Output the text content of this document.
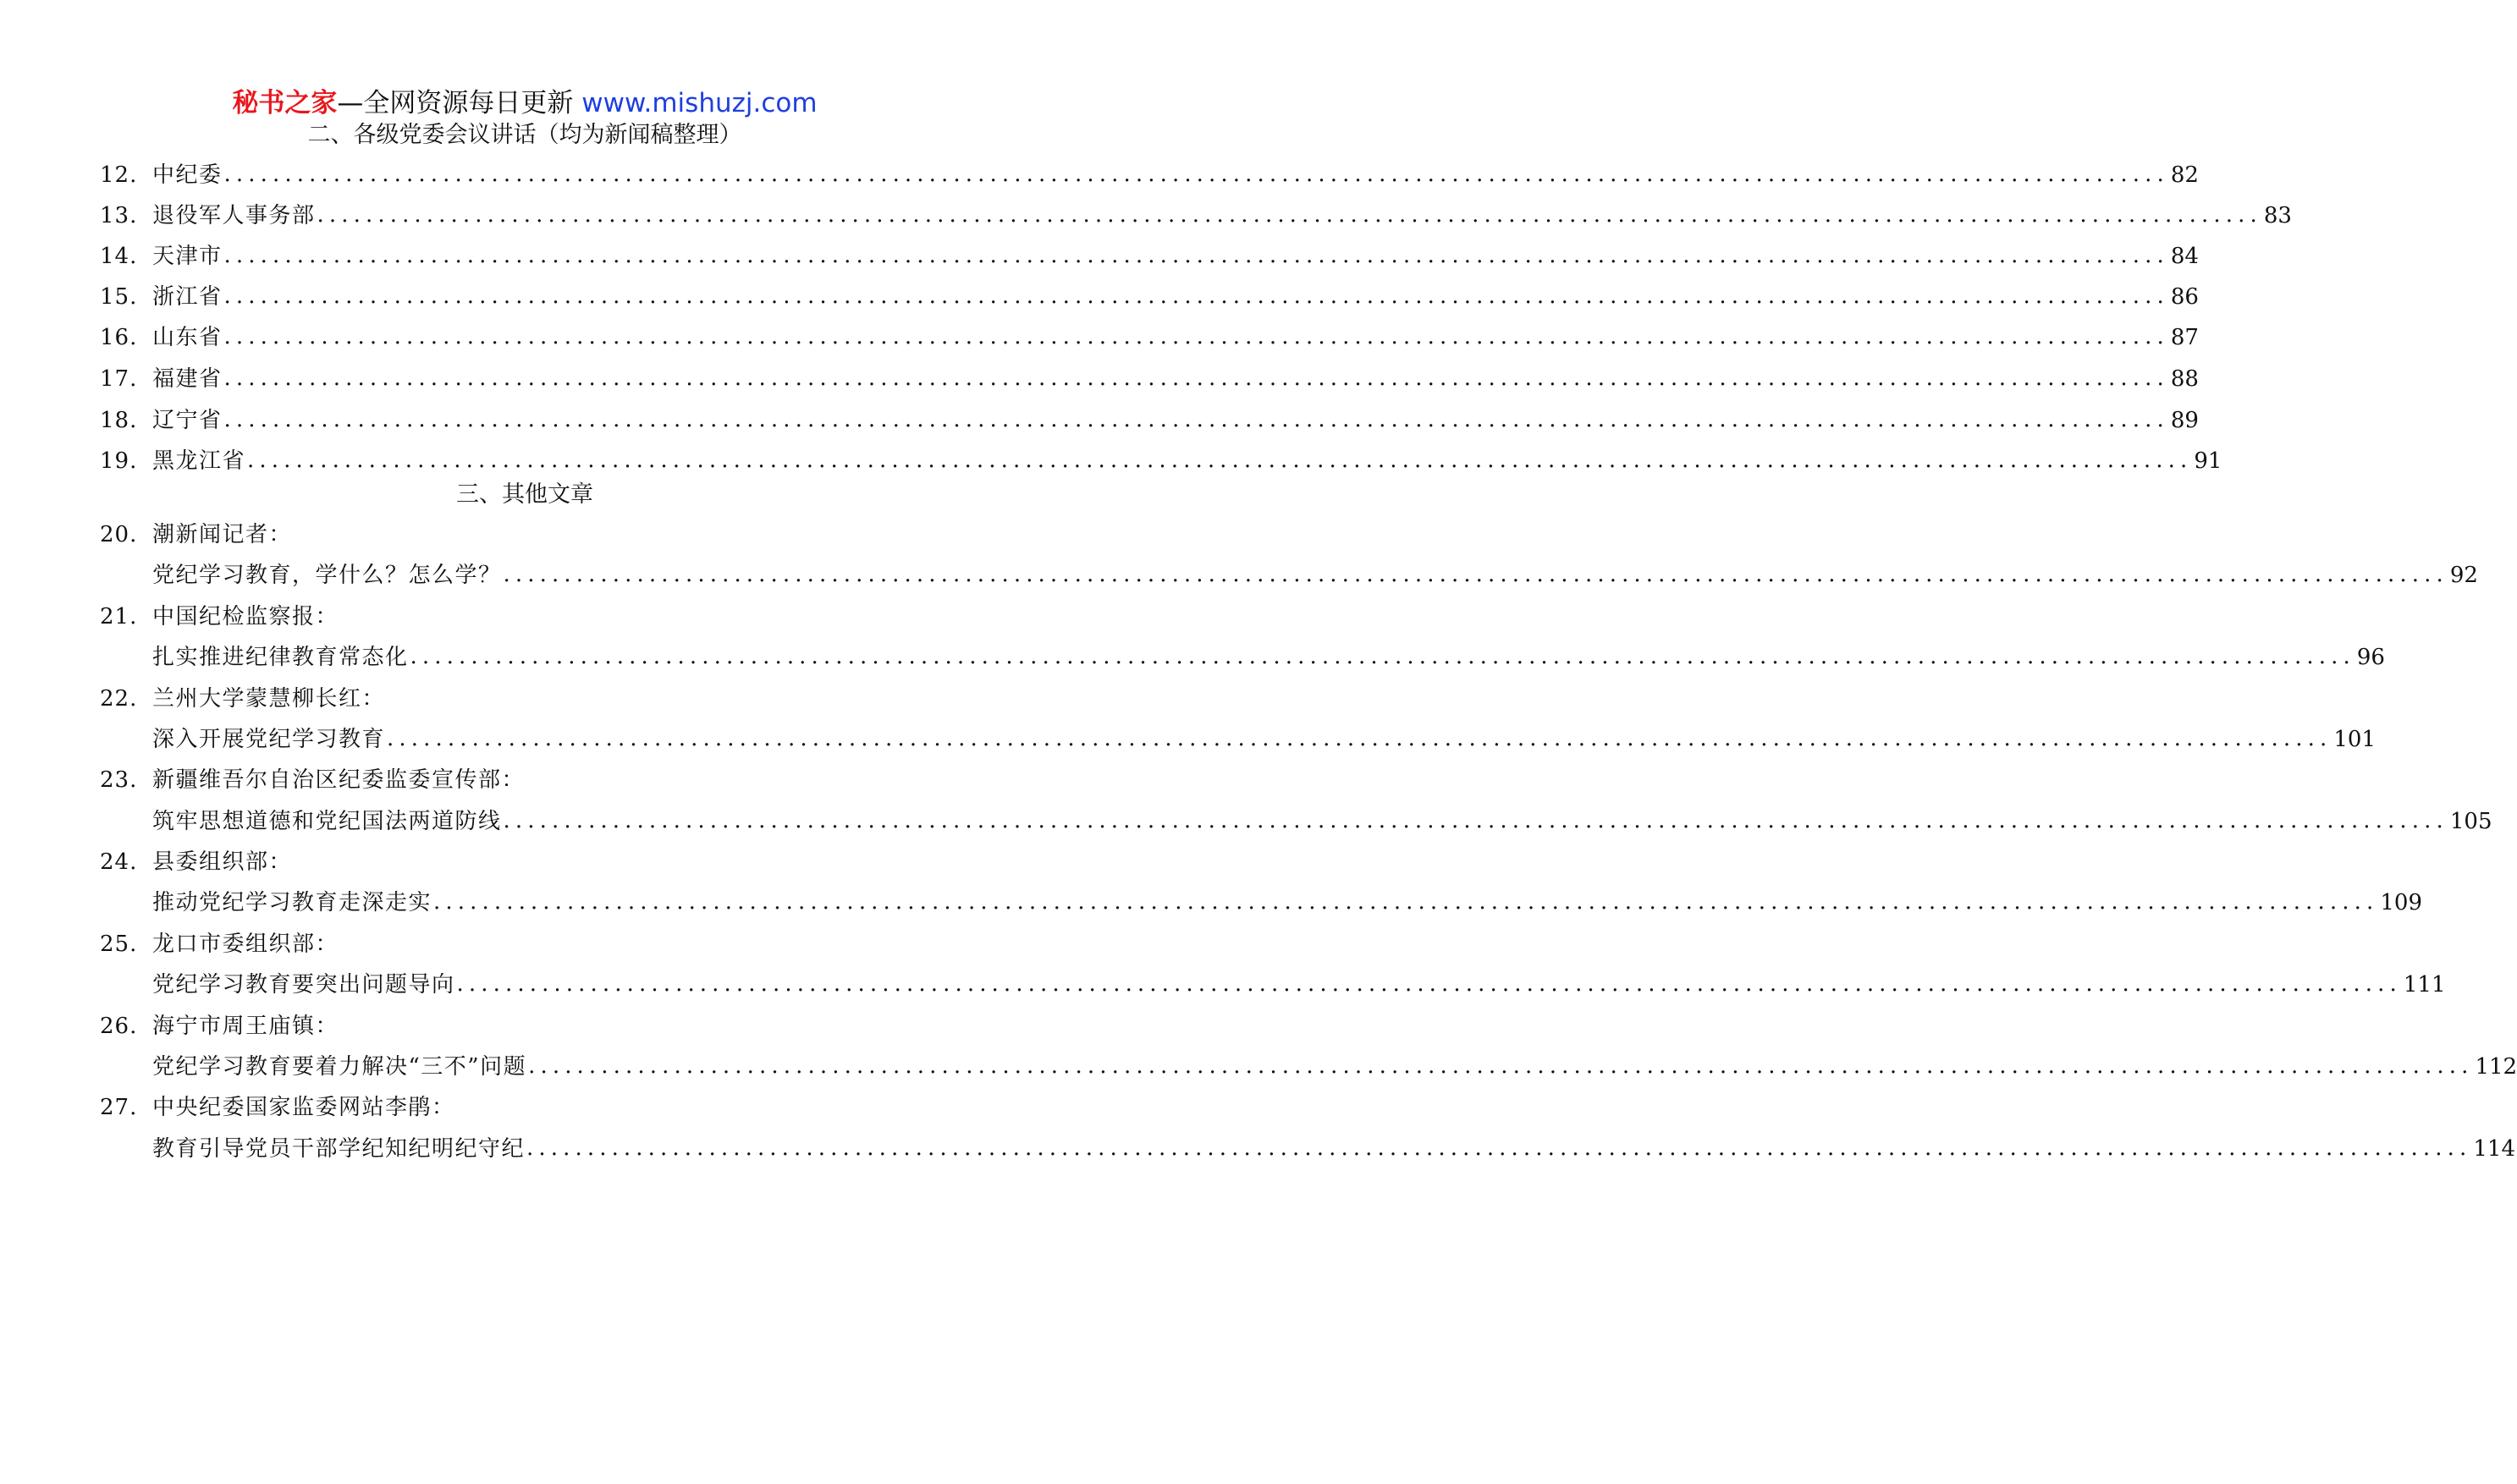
秘书之家—全网资源每日更新 www.mishuzj.com
二、各级党委会议讲话（均为新闻稿整理）
12. 中纪委 ................................................................................................................................................................ 82
13. 退役军人事务部 ................................................................................................................................................................ 83
14. 天津市 ................................................................................................................................................................ 84
15. 浙江省 ................................................................................................................................................................ 86
16. 山东省 ................................................................................................................................................................ 87
17. 福建省 ................................................................................................................................................................ 88
18. 辽宁省 ................................................................................................................................................................ 89
19. 黑龙江省 ................................................................................................................................................................ 91
三、其他文章
20. 潮新闻记者：
党纪学习教育，学什么？怎么学？ ................................................................................................................................................................ 92
21. 中国纪检监察报：
扎实推进纪律教育常态化 ................................................................................................................................................................ 96
22. 兰州大学蒙慧柳长红：
深入开展党纪学习教育 ................................................................................................................................................................ 101
23. 新疆维吾尔自治区纪委监委宣传部：
筑牢思想道德和党纪国法两道防线 ................................................................................................................................................................ 105
24. 县委组织部：
推动党纪学习教育走深走实 ................................................................................................................................................................ 109
25. 龙口市委组织部：
党纪学习教育要突出问题导向 ................................................................................................................................................................ 111
26. 海宁市周王庙镇：
党纪学习教育要着力解决“三不”问题 ................................................................................................................................................................ 112
27. 中央纪委国家监委网站李鹃：
教育引导党员干部学纪知纪明纪守纪 ................................................................................................................................................................ 114
